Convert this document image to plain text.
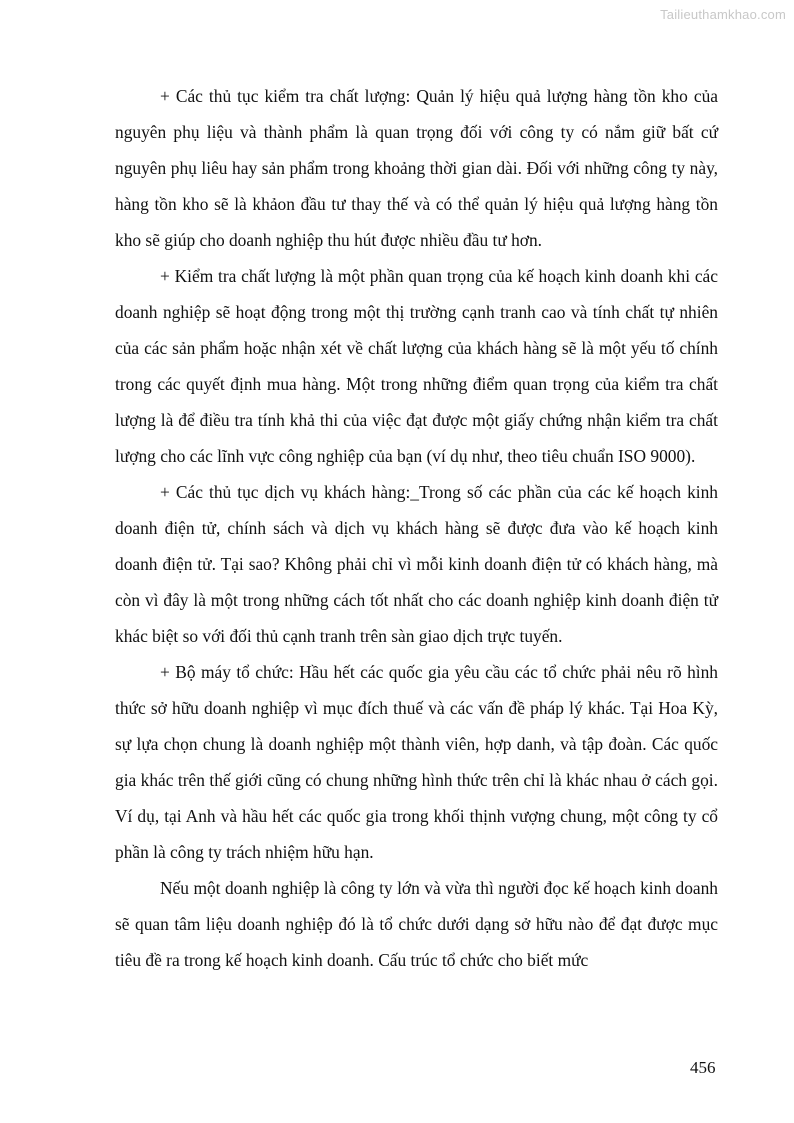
Tailieuthamkhao.com

+ Các thủ tục kiểm tra chất lượng: Quản lý hiệu quả lượng hàng tồn kho của nguyên phụ liệu và thành phẩm là quan trọng đối với công ty có nắm giữ bất cứ nguyên phụ liêu hay sản phẩm trong khoảng thời gian dài. Đối với những công ty này, hàng tồn kho sẽ là khảon đầu tư thay thế và có thể quản lý hiệu quả lượng hàng tồn kho sẽ giúp cho doanh nghiệp thu hút được nhiều đầu tư hơn.

+ Kiểm tra chất lượng là một phần quan trọng của kế hoạch kinh doanh khi các doanh nghiệp sẽ hoạt động trong một thị trường cạnh tranh cao và tính chất tự nhiên của các sản phẩm hoặc nhận xét về chất lượng của khách hàng sẽ là một yếu tố chính trong các quyết định mua hàng. Một trong những điểm quan trọng của kiểm tra chất lượng là để điều tra tính khả thi của việc đạt được một giấy chứng nhận kiểm tra chất lượng cho các lĩnh vực công nghiệp của bạn (ví dụ như, theo tiêu chuẩn ISO 9000).

+ Các thủ tục dịch vụ khách hàng:_Trong số các phần của các kế hoạch kinh doanh điện tử, chính sách và dịch vụ khách hàng sẽ được đưa vào kế hoạch kinh doanh điện tử. Tại sao? Không phải chỉ vì mỗi kinh doanh điện tử có khách hàng, mà còn vì đây là một trong những cách tốt nhất cho các doanh nghiệp kinh doanh điện tử khác biệt so với đối thủ cạnh tranh trên sàn giao dịch trực tuyến.

+ Bộ máy tổ chức: Hầu hết các quốc gia yêu cầu các tổ chức phải nêu rõ hình thức sở hữu doanh nghiệp vì mục đích thuế và các vấn đề pháp lý khác. Tại Hoa Kỳ, sự lựa chọn chung là doanh nghiệp một thành viên, hợp danh, và tập đoàn. Các quốc gia khác trên thế giới cũng có chung những hình thức trên chỉ là khác nhau ở cách gọi. Ví dụ, tại Anh và hầu hết các quốc gia trong khối thịnh vượng chung, một công ty cổ phần là công ty trách nhiệm hữu hạn.

Nếu một doanh nghiệp là công ty lớn và vừa thì người đọc kế hoạch kinh doanh sẽ quan tâm liệu doanh nghiệp đó là tổ chức dưới dạng sở hữu nào để đạt được mục tiêu đề ra trong kế hoạch kinh doanh. Cấu trúc tổ chức cho biết mức

456
